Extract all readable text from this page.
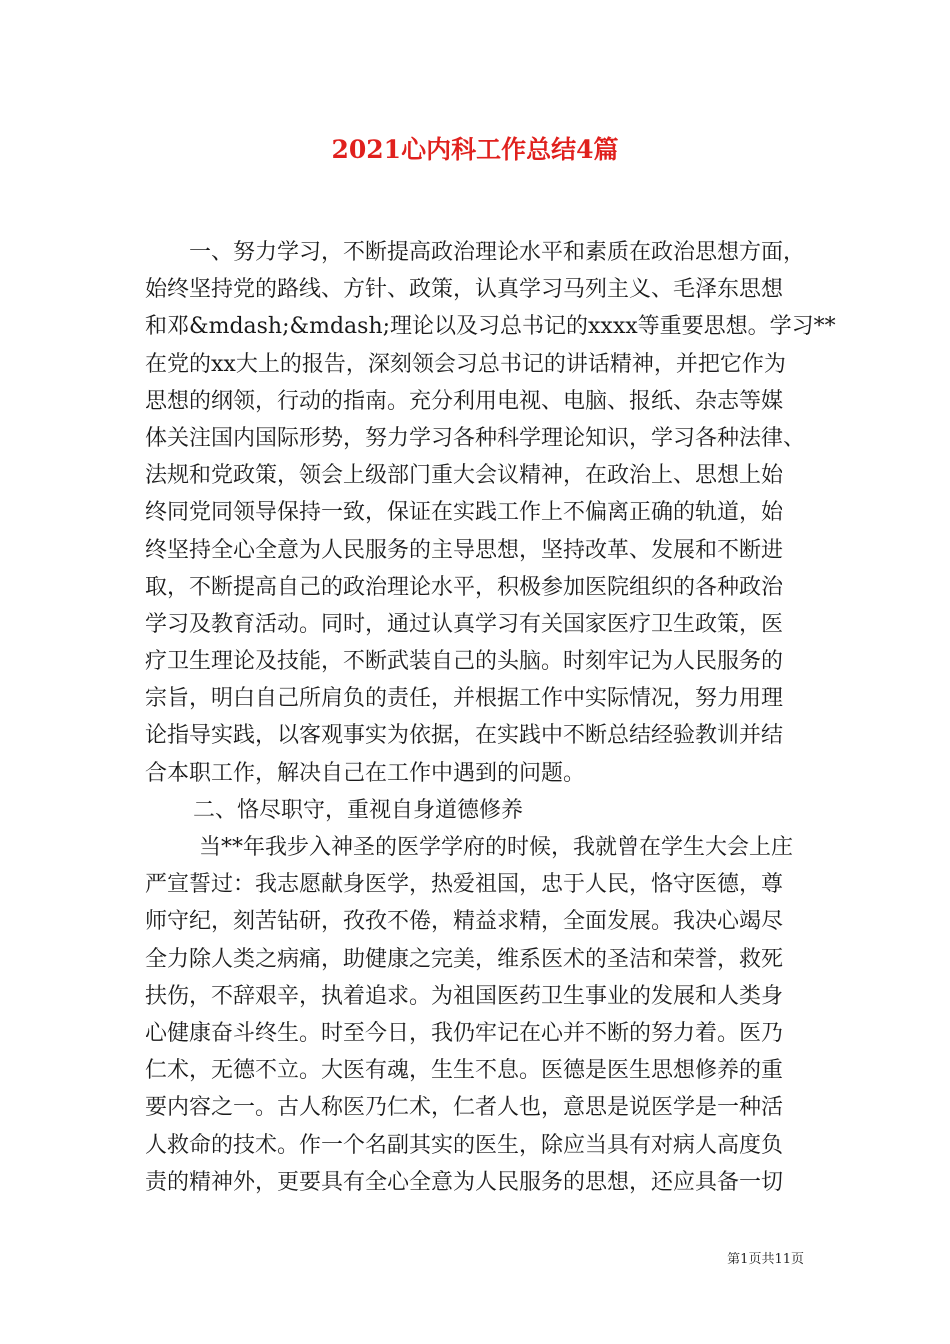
2021心内科工作总结4篇
一、努力学习，不断提高政治理论水平和素质在政治思想方面，
始终坚持党的路线、方针、政策，认真学习马列主义、毛泽东思想
和邓&mdash;&mdash;理论以及习总书记的xxxx等重要思想。学习**
在党的xx大上的报告，深刻领会习总书记的讲话精神，并把它作为
思想的纲领，行动的指南。充分利用电视、电脑、报纸、杂志等媒
体关注国内国际形势，努力学习各种科学理论知识，学习各种法律、
法规和党政策，领会上级部门重大会议精神，在政治上、思想上始
终同党同领导保持一致，保证在实践工作上不偏离正确的轨道，始
终坚持全心全意为人民服务的主导思想，坚持改革、发展和不断进
取，不断提高自己的政治理论水平，积极参加医院组织的各种政治
学习及教育活动。同时，通过认真学习有关国家医疗卫生政策，医
疗卫生理论及技能，不断武装自己的头脑。时刻牢记为人民服务的
宗旨，明白自己所肩负的责任，并根据工作中实际情况，努力用理
论指导实践，以客观事实为依据，在实践中不断总结经验教训并结
合本职工作，解决自己在工作中遇到的问题。
二、恪尽职守，重视自身道德修养
当**年我步入神圣的医学学府的时候，我就曾在学生大会上庄
严宣誓过：我志愿献身医学，热爱祖国，忠于人民，恪守医德，尊
师守纪，刻苦钻研，孜孜不倦，精益求精，全面发展。我决心竭尽
全力除人类之病痛，助健康之完美，维系医术的圣洁和荣誉，救死
扶伤，不辞艰辛，执着追求。为祖国医药卫生事业的发展和人类身
心健康奋斗终生。时至今日，我仍牢记在心并不断的努力着。医乃
仁术，无德不立。大医有魂，生生不息。医德是医生思想修养的重
要内容之一。古人称医乃仁术，仁者人也，意思是说医学是一种活
人救命的技术。作一个名副其实的医生，除应当具有对病人高度负
责的精神外，更要具有全心全意为人民服务的思想，还应具备一切
第1页共11页
